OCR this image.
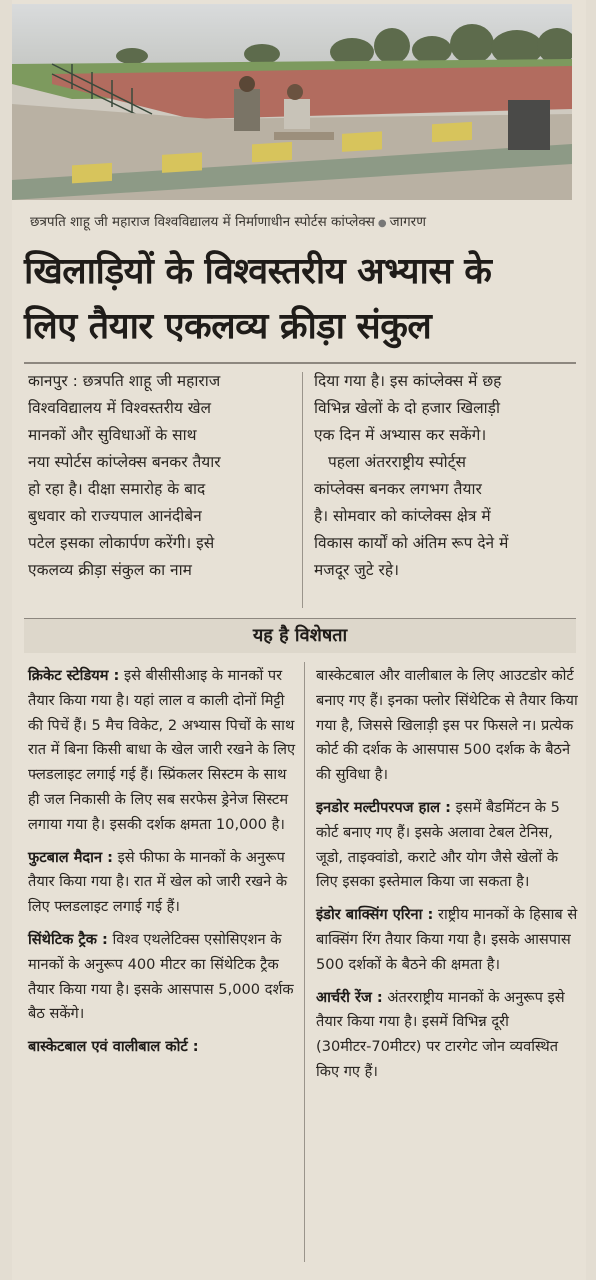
छत्रपति शाहू जी महाराज विश्वविद्यालय में निर्माणाधीन स्पोर्टस कांप्लेक्स ● जागरण
खिलाड़ियों के विश्वस्तरीय अभ्यास के
लिए तैयार एकलव्य क्रीड़ा संकुल
कानपुर : छत्रपति शाहू जी महाराज
विश्वविद्यालय में विश्वस्तरीय खेल
मानकों और सुविधाओं के साथ
नया स्पोर्टस कांप्लेक्स बनकर तैयार
हो रहा है। दीक्षा समारोह के बाद
बुधवार को राज्यपाल आनंदीबेन
पटेल इसका लोकार्पण करेंगी। इसे
एकलव्य क्रीड़ा संकुल का नाम
दिया गया है। इस कांप्लेक्स में छह
विभिन्न खेलों के दो हजार खिलाड़ी
एक दिन में अभ्यास कर सकेंगे।
पहला अंतरराष्ट्रीय स्पोर्ट्स
कांप्लेक्स बनकर लगभग तैयार
है। सोमवार को कांप्लेक्स क्षेत्र में
विकास कार्यों को अंतिम रूप देने में
मजदूर जुटे रहे।
यह है विशेषता

क्रिकेट स्टेडियम : इसे बीसीसीआइ के मानकों पर तैयार किया गया है। यहां लाल व काली दोनों मिट्टी की पिचें हैं। 5 मैच विकेट, 2 अभ्यास पिचों के साथ रात में बिना किसी बाधा के खेल जारी रखने के लिए फ्लडलाइट लगाई गई हैं। स्प्रिंकलर सिस्टम के साथ ही जल निकासी के लिए सब सरफेस ड्रेनेज सिस्टम लगाया गया है। इसकी दर्शक क्षमता 10,000 है।

फुटबाल मैदान : इसे फीफा के मानकों के अनुरूप तैयार किया गया है। रात में खेल को जारी रखने के लिए फ्लडलाइट लगाई गई हैं।

सिंथेटिक ट्रैक : विश्व एथलेटिक्स एसोसिएशन के मानकों के अनुरूप 400 मीटर का सिंथेटिक ट्रैक तैयार किया गया है। इसके आसपास 5,000 दर्शक बैठ सकेंगे।

बास्केटबाल एवं वालीबाल कोर्ट :

बास्केटबाल और वालीबाल के लिए आउटडोर कोर्ट बनाए गए हैं। इनका फ्लोर सिंथेटिक से तैयार किया गया है, जिससे खिलाड़ी इस पर फिसले न। प्रत्येक कोर्ट की दर्शक के आसपास 500 दर्शक के बैठने की सुविधा है।

इनडोर मल्टीपरपज हाल : इसमें बैडमिंटन के 5 कोर्ट बनाए गए हैं। इसके अलावा टेबल टेनिस, जूडो, ताइक्वांडो, कराटे और योग जैसे खेलों के लिए इसका इस्तेमाल किया जा सकता है।

इंडोर बाक्सिंग एरिना : राष्ट्रीय मानकों के हिसाब से बाक्सिंग रिंग तैयार किया गया है। इसके आसपास 500 दर्शकों के बैठने की क्षमता है।

आर्चरी रेंज : अंतरराष्ट्रीय मानकों के अनुरूप इसे तैयार किया गया है। इसमें विभिन्न दूरी (30मीटर-70मीटर) पर टारगेट जोन व्यवस्थित किए गए हैं।
